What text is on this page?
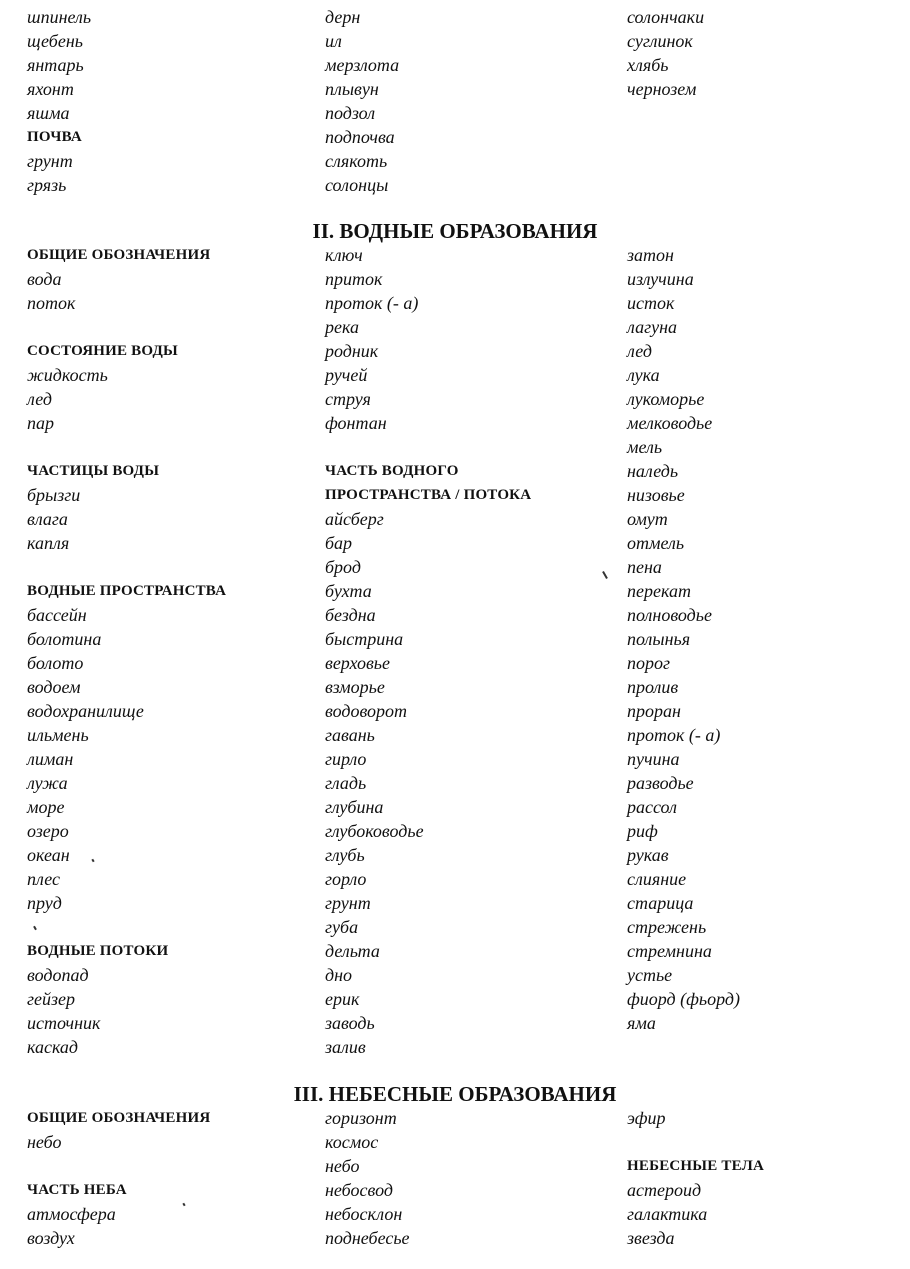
шпинель
щебень
янтарь
яхонт
яшма
ПОЧВА
грунт
грязь
дерн
ил
мерзлота
плывун
подзол
подпочва
слякоть
солонцы
солончаки
суглинок
хлябь
чернозем
II. ВОДНЫЕ ОБРАЗОВАНИЯ
ОБЩИЕ ОБОЗНАЧЕНИЯ
вода
поток
СОСТОЯНИЕ ВОДЫ
жидкость
лед
пар
ЧАСТИЦЫ ВОДЫ
брызги
влага
капля
ВОДНЫЕ ПРОСТРАНСТВА
бассейн
болотина
болото
водоем
водохранилище
ильмень
лиман
лужа
море
озеро
океан
плес
пруд
ВОДНЫЕ ПОТОКИ
водопад
гейзер
источник
каскад
ключ
приток
проток (- а)
река
родник
ручей
струя
фонтан
ЧАСТЬ ВОДНОГО
ПРОСТРАНСТВА / ПОТОКА
айсберг
бар
брод
бухта
бездна
быстрина
верховье
взморье
водоворот
гавань
гирло
гладь
глубина
глубоководье
глубь
горло
грунт
губа
дельта
дно
ерик
заводь
залив
затон
излучина
исток
лагуна
лед
лука
лукоморье
мелководье
мель
наледь
низовье
омут
отмель
пена
перекат
полноводье
полынья
порог
пролив
проран
проток (- а)
пучина
разводье
рассол
риф
рукав
слияние
старица
стрежень
стремнина
устье
фиорд (фьорд)
яма
III. НЕБЕСНЫЕ ОБРАЗОВАНИЯ
ОБЩИЕ ОБОЗНАЧЕНИЯ
небо
ЧАСТЬ НЕБА
атмосфера
воздух
горизонт
космос
небо
небосвод
небосклон
поднебесье
эфир
НЕБЕСНЫЕ ТЕЛА
астероид
галактика
звезда
